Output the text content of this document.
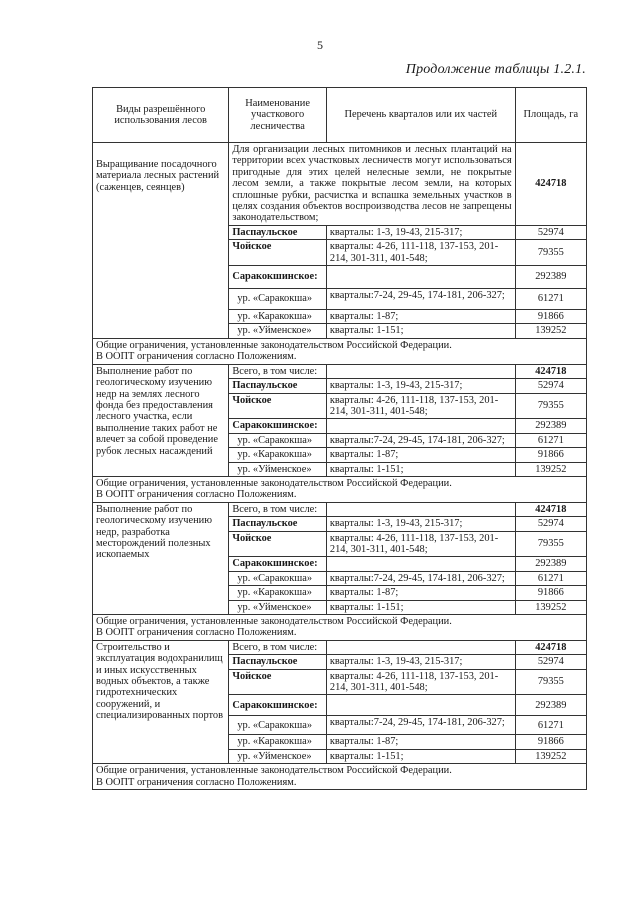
5
Продолжение таблицы 1.2.1.
Виды разрешённого использования лесов	Наименование участкового лесничества	Перечень кварталов или их частей	Площадь, га
Выращивание посадочного материала лесных растений (саженцев, сеянцев)	Для организации лесных питомников и лесных плантаций на территории всех участковых лесничеств могут использоваться пригодные для этих целей нелесные земли, не покрытые лесом земли, а также покрытые лесом земли, на которых сплошные рубки, расчистка и вспашка земельных участков в целях создания объектов воспроизводства лесов не запрещены законодательством;		424718
	Паспаульское	кварталы: 1-3, 19-43, 215-317;	52974
	Чойское	кварталы: 4-26, 111-118, 137-153, 201-214, 301-311, 401-548;	79355
	Саракокшинское:		292389
	ур. «Саракокша»	кварталы:7-24, 29-45, 174-181, 206-327;	61271
	ур. «Каракокша»	кварталы: 1-87;	91866
	ур. «Уйменское»	кварталы: 1-151;	139252

Общие ограничения, установленные законодательством Российской Федерации.
В ООПТ ограничения согласно Положениям.			

Выполнение работ по геологическому изучению недр на землях лесного фонда без предоставления лесного участка, если выполнение таких работ не влечет за собой проведение рубок лесных насаждений	Всего, в том числе:		424718
	Паспаульское	кварталы: 1-3, 19-43, 215-317;	52974
	Чойское	кварталы: 4-26, 111-118, 137-153, 201-214, 301-311, 401-548;	79355
	Саракокшинское:		292389
	ур. «Саракокша»	кварталы:7-24, 29-45, 174-181, 206-327;	61271
	ур. «Каракокша»	кварталы: 1-87;	91866
	ур. «Уйменское»	кварталы: 1-151;	139252

Общие ограничения, установленные законодательством Российской Федерации.
В ООПТ ограничения согласно Положениям.			

Выполнение работ по геологическому изучению недр, разработка месторождений полезных ископаемых	Всего, в том числе:		424718
	Паспаульское	кварталы: 1-3, 19-43, 215-317;	52974
	Чойское	кварталы: 4-26, 111-118, 137-153, 201-214, 301-311, 401-548;	79355
	Саракокшинское:		292389
	ур. «Саракокша»	кварталы:7-24, 29-45, 174-181, 206-327;	61271
	ур. «Каракокша»	кварталы: 1-87;	91866
	ур. «Уйменское»	кварталы: 1-151;	139252

Общие ограничения, установленные законодательством Российской Федерации.
В ООПТ ограничения согласно Положениям.			

Строительство и эксплуатация водохранилищ и иных искусственных водных объектов, а также гидротехнических сооружений, и специализированных портов	Всего, в том числе:		424718
	Паспаульское	кварталы: 1-3, 19-43, 215-317;	52974
	Чойское	кварталы: 4-26, 111-118, 137-153, 201-214, 301-311, 401-548;	79355
	Саракокшинское:		292389
	ур. «Саракокша»	кварталы:7-24, 29-45, 174-181, 206-327;	61271
	ур. «Каракокша»	кварталы: 1-87;	91866
	ур. «Уйменское»	кварталы: 1-151;	139252

Общие ограничения, установленные законодательством Российской Федерации.
В ООПТ ограничения согласно Положениям.			
